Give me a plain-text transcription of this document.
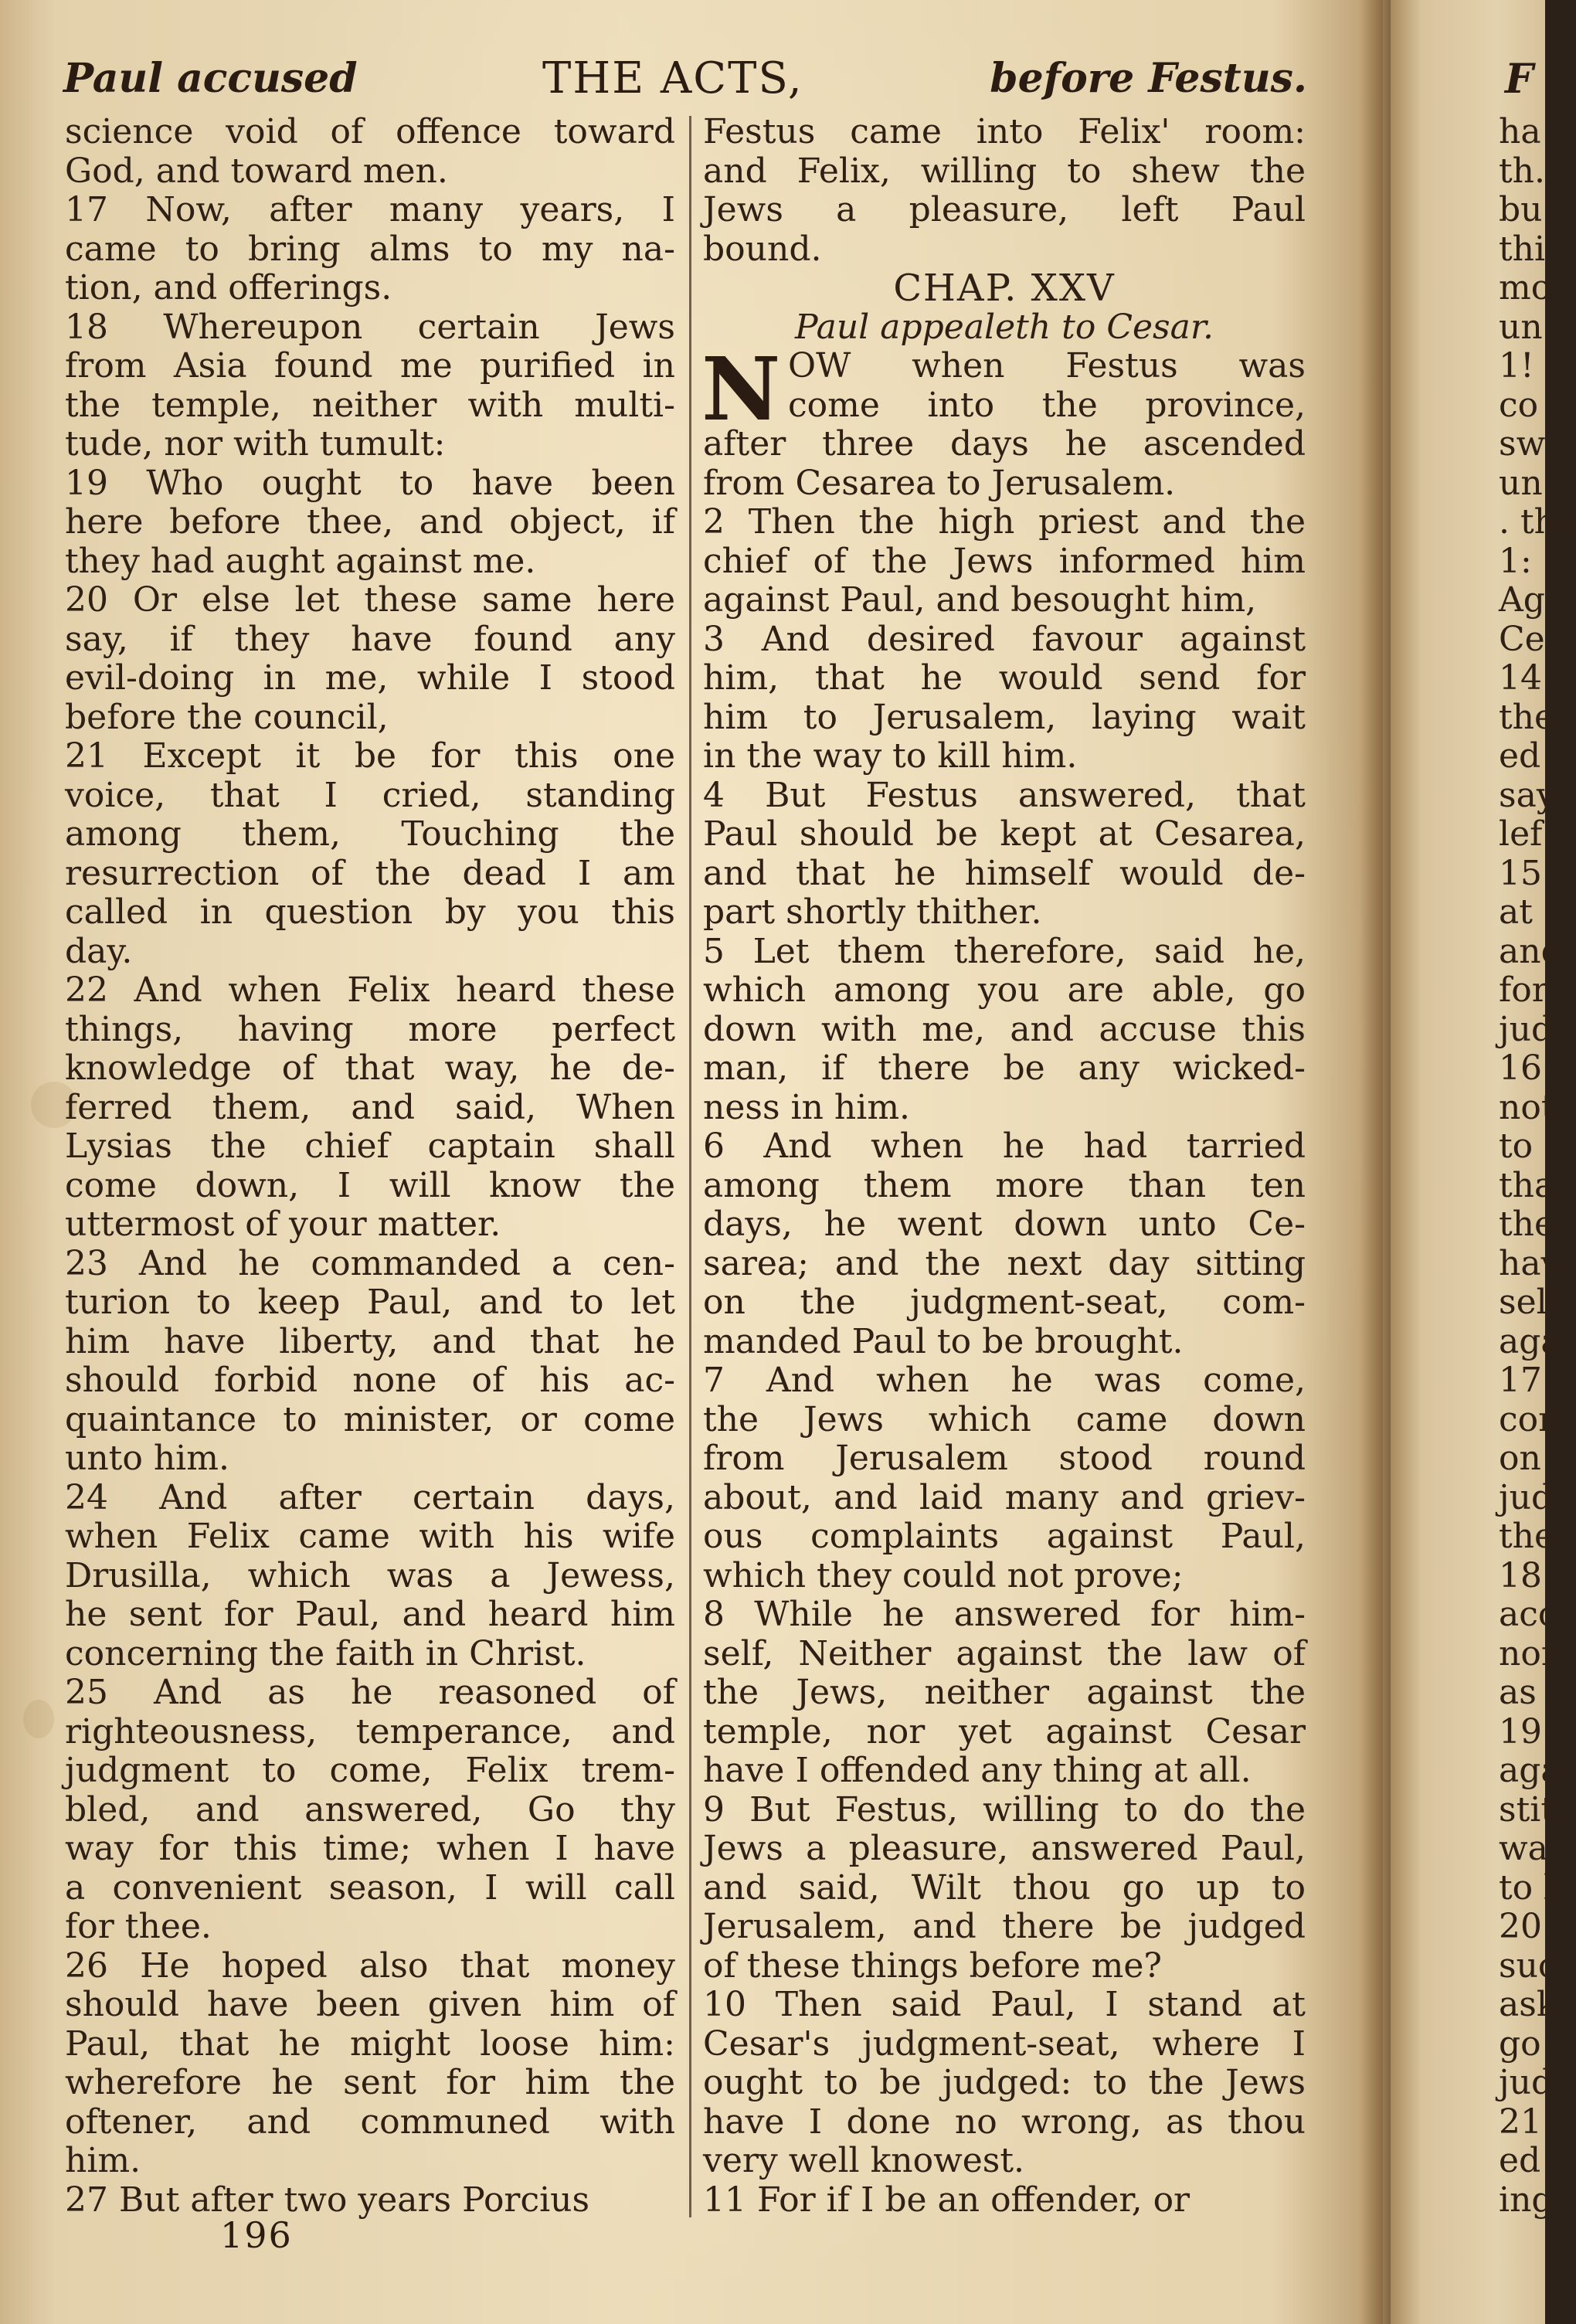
Paul accused	THE ACTS,	before Festus.
science void of offence toward
God, and toward men.
17 Now, after many years, I
came to bring alms to my na-
tion, and offerings.
18 Whereupon certain Jews
from Asia found me purified in
the temple, neither with multi-
tude, nor with tumult:
19 Who ought to have been
here before thee, and object, if
they had aught against me.
20 Or else let these same here
say, if they have found any
evil-doing in me, while I stood
before the council,
21 Except it be for this one
voice, that I cried, standing
among them, Touching the
resurrection of the dead I am
called in question by you this
day.
22 And when Felix heard these
things, having more perfect
knowledge of that way, he de-
ferred them, and said, When
Lysias the chief captain shall
come down, I will know the
uttermost of your matter.
23 And he commanded a cen-
turion to keep Paul, and to let
him have liberty, and that he
should forbid none of his ac-
quaintance to minister, or come
unto him.
24 And after certain days,
when Felix came with his wife
Drusilla, which was a Jewess,
he sent for Paul, and heard him
concerning the faith in Christ.
25 And as he reasoned of
righteousness, temperance, and
judgment to come, Felix trem-
bled, and answered, Go thy
way for this time; when I have
a convenient season, I will call
for thee.
26 He hoped also that money
should have been given him of
Paul, that he might loose him:
wherefore he sent for him the
oftener, and communed with
him.
27 But after two years Porcius
Festus came into Felix' room:
and Felix, willing to shew the
Jews a pleasure, left Paul
bound.
CHAP. XXV
Paul appealeth to Cesar.
N OW when Festus was
come into the province,
after three days he ascended
from Cesarea to Jerusalem.
2 Then the high priest and the
chief of the Jews informed him
against Paul, and besought him,
3 And desired favour against
him, that he would send for
him to Jerusalem, laying wait
in the way to kill him.
4 But Festus answered, that
Paul should be kept at Cesarea,
and that he himself would de-
part shortly thither.
5 Let them therefore, said he,
which among you are able, go
down with me, and accuse this
man, if there be any wicked-
ness in him.
6 And when he had tarried
among them more than ten
days, he went down unto Ce-
sarea; and the next day sitting
on the judgment-seat, com-
manded Paul to be brought.
7 And when he was come,
the Jews which came down
from Jerusalem stood round
about, and laid many and griev-
ous complaints against Paul,
which they could not prove;
8 While he answered for him-
self, Neither against the law of
the Jews, neither against the
temple, nor yet against Cesar
have I offended any thing at all.
9 But Festus, willing to do the
Jews a pleasure, answered Paul,
and said, Wilt thou go up to
Jerusalem, and there be judged
of these things before me?
10 Then said Paul, I stand at
Cesar's judgment-seat, where I
ought to be judged: to the Jews
have I done no wrong, as thou
very well knowest.
11 For if I be an offender, or
196
F
ha
th.
bu
thi
mo
un
1!
co
sw
un
. the
1:
Ag
Ce
14
the
ed
say
lef
15
at
and
for
jud
16
not
to
tha
the
hav
self
aga
17
con
on
jud
the
18
acc
nor
as
19
aga
stit
wa
to l
20
suc
ask
go
jud
21
ed
ing
